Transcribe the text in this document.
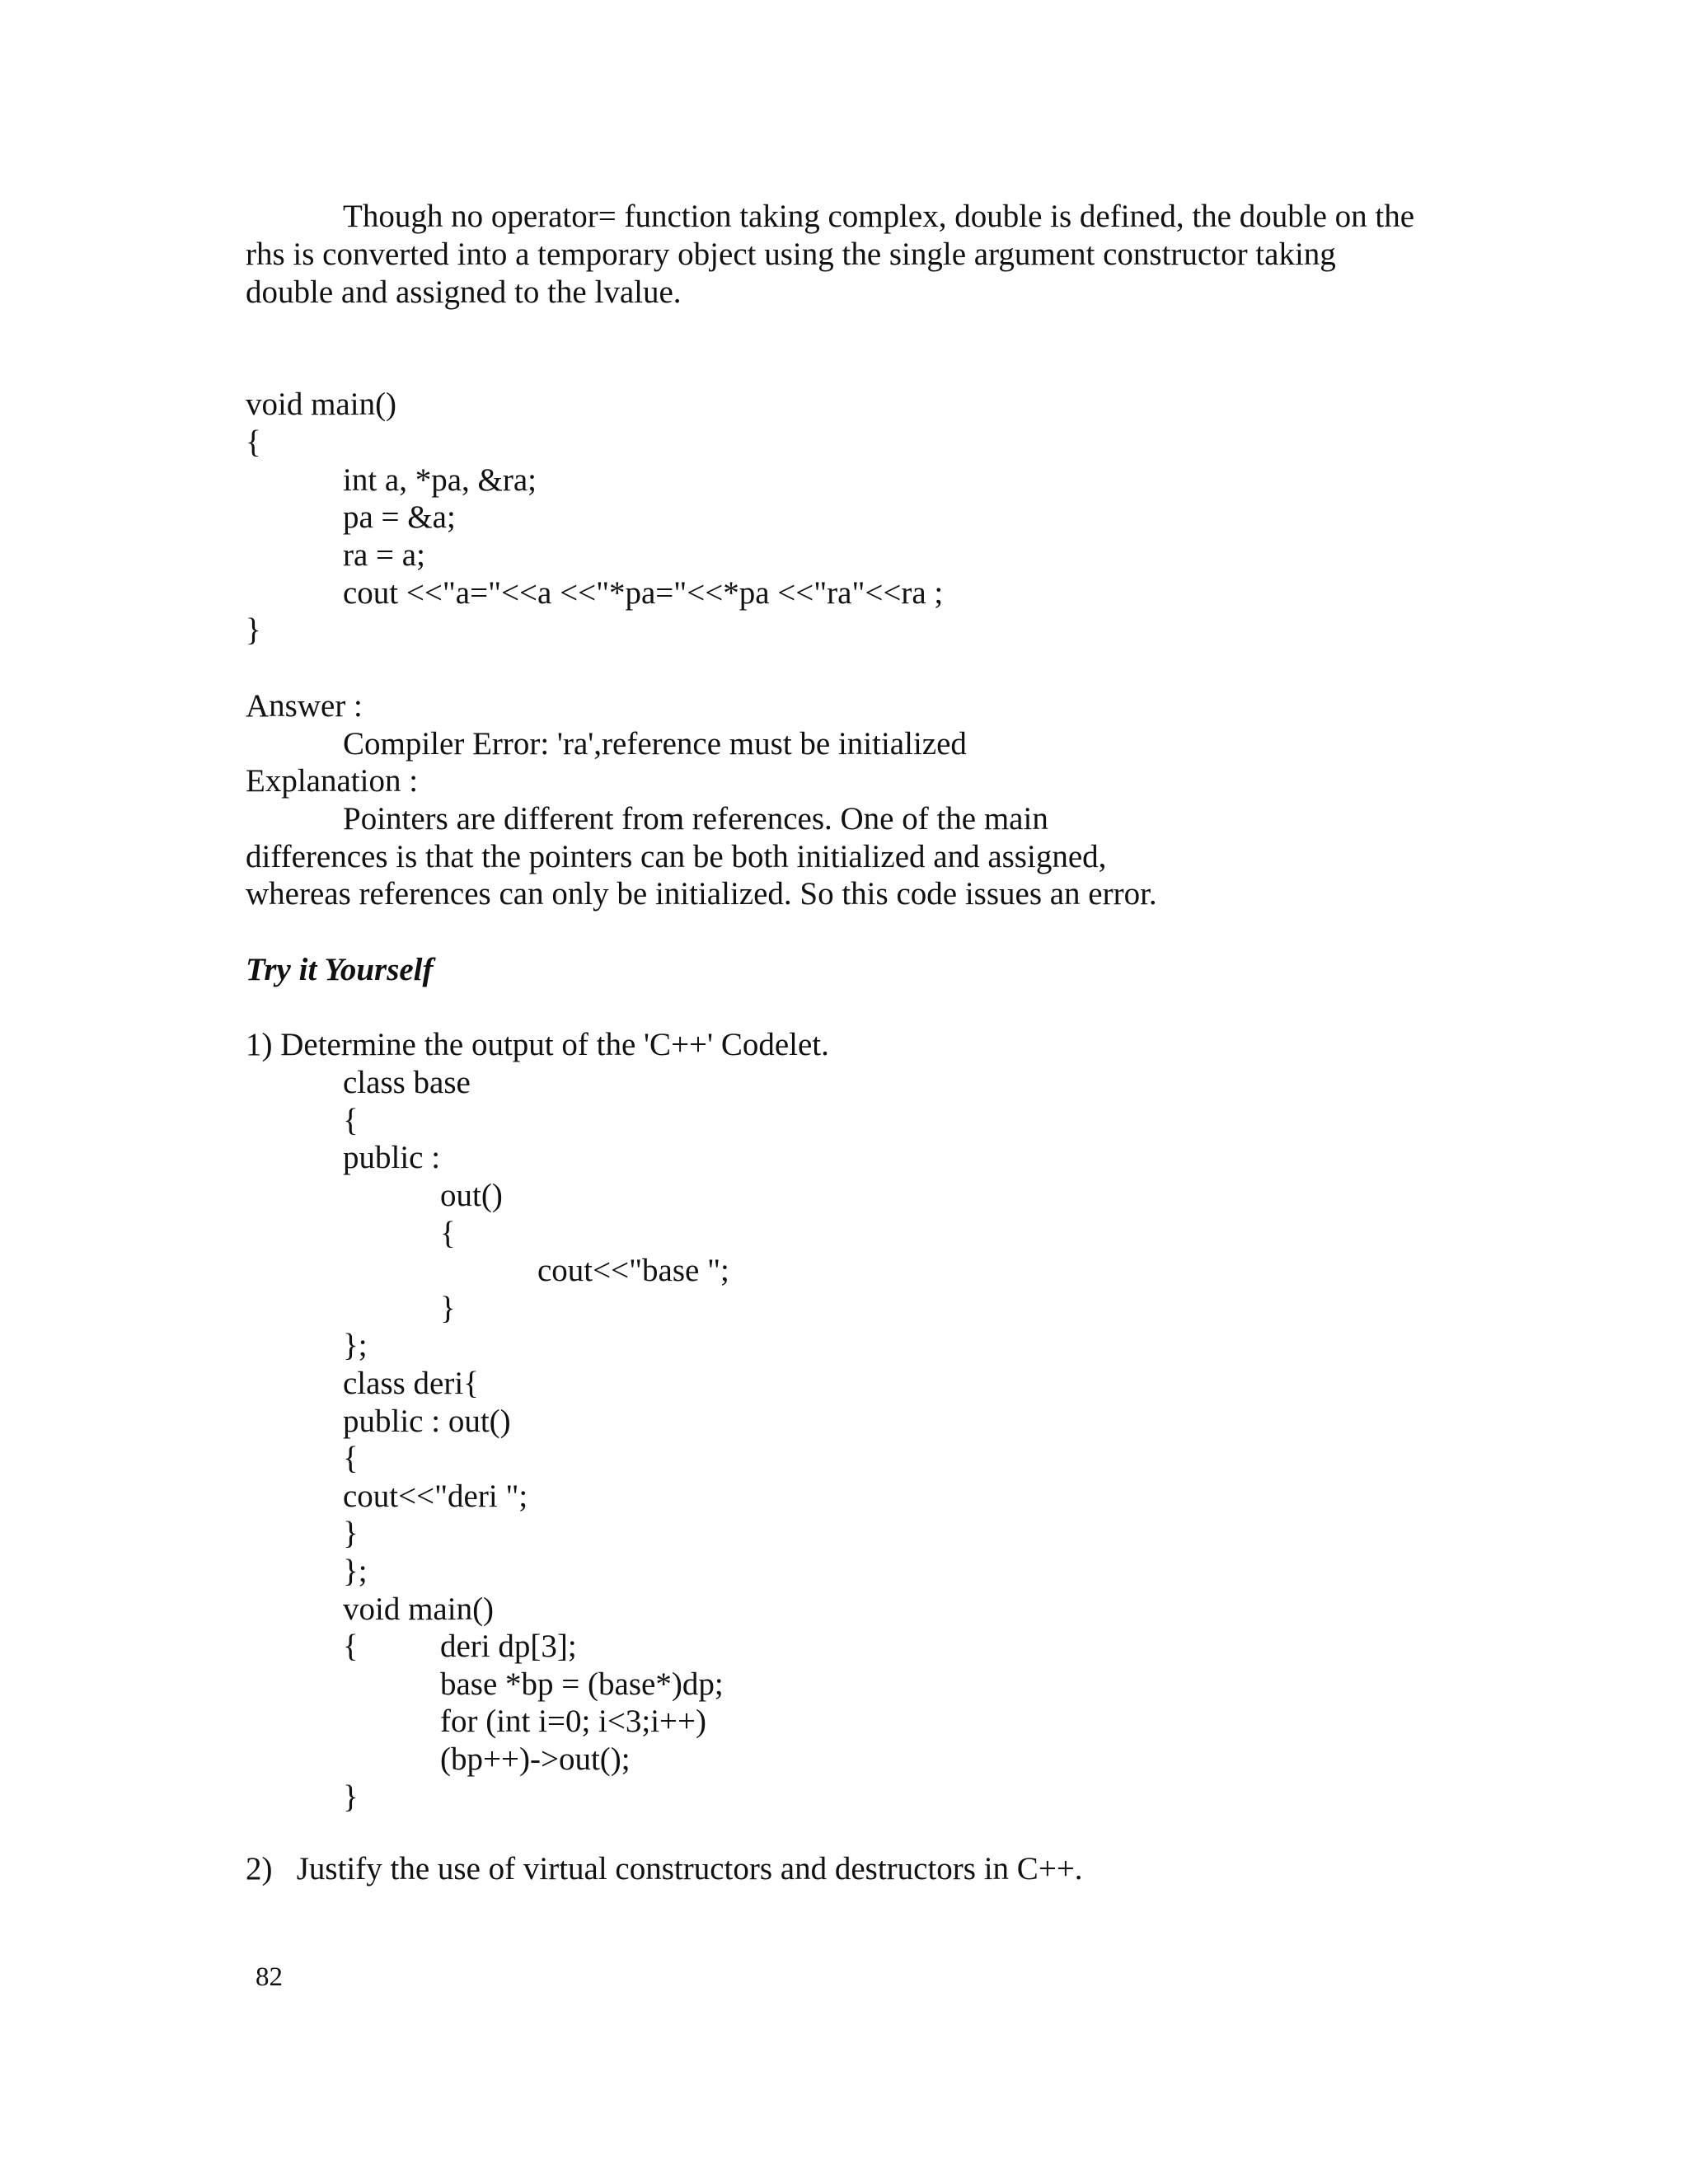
Though no operator= function taking complex, double is defined, the double on the

rhs is converted into a temporary object using the single argument constructor taking

double and assigned to the lvalue.

void main()

{

int a, *pa, &ra;

pa = &a;

ra = a;

cout <<"a="<<a <<"*pa="<<*pa <<"ra"<<ra ;

}

Answer :

Compiler Error: 'ra',reference must be initialized

Explanation :

Pointers are different from references. One of the main

differences is that the pointers can be both initialized and assigned,

whereas references can only be initialized. So this code issues an error.

Try it Yourself

1) Determine the output of the 'C++' Codelet.

class base

{

public :

out()

{

cout<<"base ";

}

};

class deri{

public : out()

{

cout<<"deri ";

}

};

void main()

{	deri dp[3];

base *bp = (base*)dp;

for (int i=0; i<3;i++)

(bp++)->out();

}

2)   Justify the use of virtual constructors and destructors in C++.

82
